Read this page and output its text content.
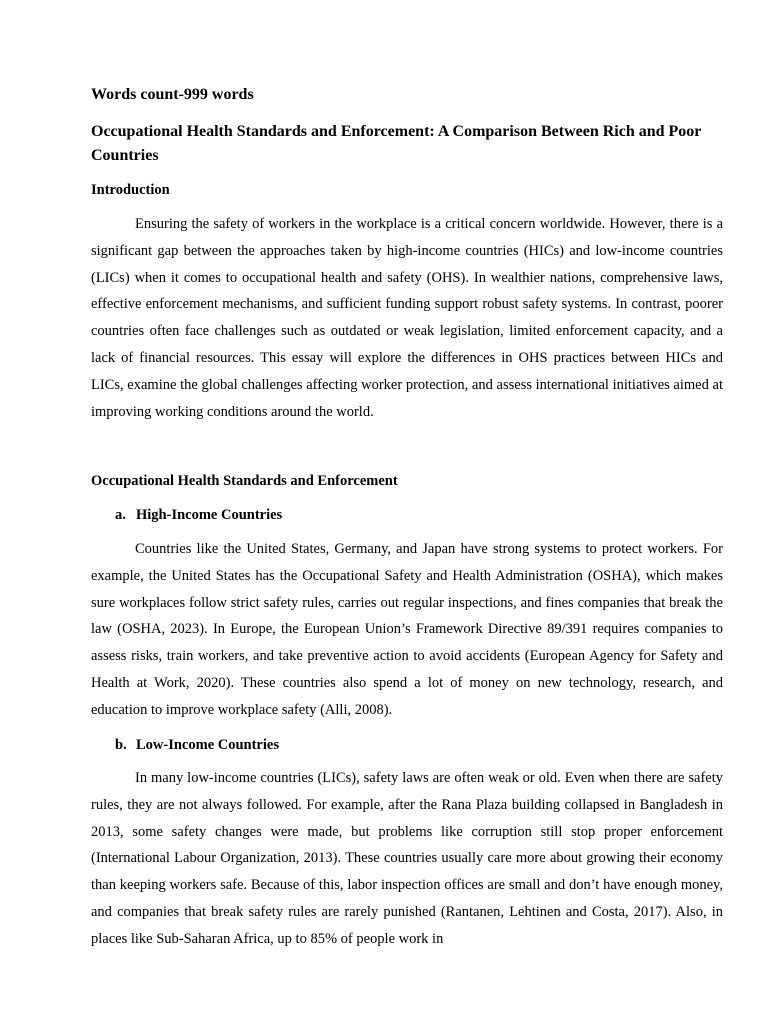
Words count-999 words

Occupational Health Standards and Enforcement: A Comparison Between Rich and Poor Countries
Introduction

Ensuring the safety of workers in the workplace is a critical concern worldwide. However, there is a significant gap between the approaches taken by high-income countries (HICs) and low-income countries (LICs) when it comes to occupational health and safety (OHS). In wealthier nations, comprehensive laws, effective enforcement mechanisms, and sufficient funding support robust safety systems. In contrast, poorer countries often face challenges such as outdated or weak legislation, limited enforcement capacity, and a lack of financial resources. This essay will explore the differences in OHS practices between HICs and LICs, examine the global challenges affecting worker protection, and assess international initiatives aimed at improving working conditions around the world.

Occupational Health Standards and Enforcement
a. High-Income Countries

Countries like the United States, Germany, and Japan have strong systems to protect workers. For example, the United States has the Occupational Safety and Health Administration (OSHA), which makes sure workplaces follow strict safety rules, carries out regular inspections, and fines companies that break the law (OSHA, 2023). In Europe, the European Union’s Framework Directive 89/391 requires companies to assess risks, train workers, and take preventive action to avoid accidents (European Agency for Safety and Health at Work, 2020). These countries also spend a lot of money on new technology, research, and education to improve workplace safety (Alli, 2008).

b. Low-Income Countries

In many low-income countries (LICs), safety laws are often weak or old. Even when there are safety rules, they are not always followed. For example, after the Rana Plaza building collapsed in Bangladesh in 2013, some safety changes were made, but problems like corruption still stop proper enforcement (International Labour Organization, 2013). These countries usually care more about growing their economy than keeping workers safe. Because of this, labor inspection offices are small and don’t have enough money, and companies that break safety rules are rarely punished (Rantanen, Lehtinen and Costa, 2017). Also, in places like Sub-Saharan Africa, up to 85% of people work in
